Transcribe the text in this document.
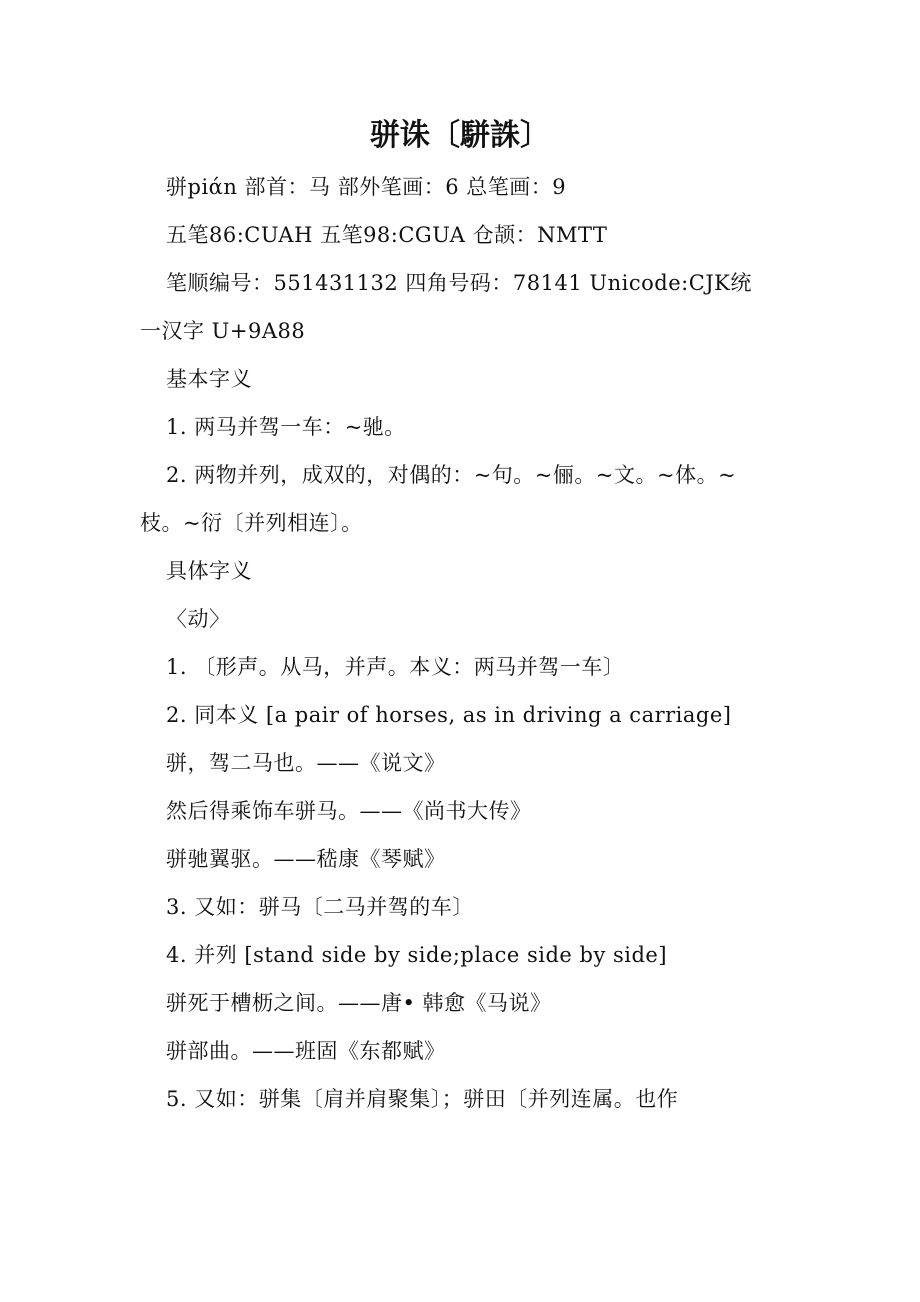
骈诛〔駢誅〕

骈piάn 部首：马 部外笔画：6 总笔画：9

五笔86:CUAH 五笔98:CGUA 仓颉：NMTT

笔顺编号：551431132 四角号码：78141 Unicode:CJK统一汉字 U+9A88

基本字义

1. 两马并驾一车：~驰。

2. 两物并列，成双的，对偶的：~句。~俪。~文。~体。~枝。~衍〔并列相连〕。

具体字义

〈动〉

1. 〔形声。从马，并声。本义：两马并驾一车〕

2. 同本义 [a pair of horses, as in driving a carriage]

骈，驾二马也。——《说文》

然后得乘饰车骈马。——《尚书大传》

骈驰翼驱。——嵇康《琴赋》

3. 又如：骈马〔二马并驾的车〕

4. 并列 [stand side by side;place side by side]

骈死于槽枥之间。——唐• 韩愈《马说》

骈部曲。——班固《东都赋》

5. 又如：骈集〔肩并肩聚集〕；骈田〔并列连属。也作
